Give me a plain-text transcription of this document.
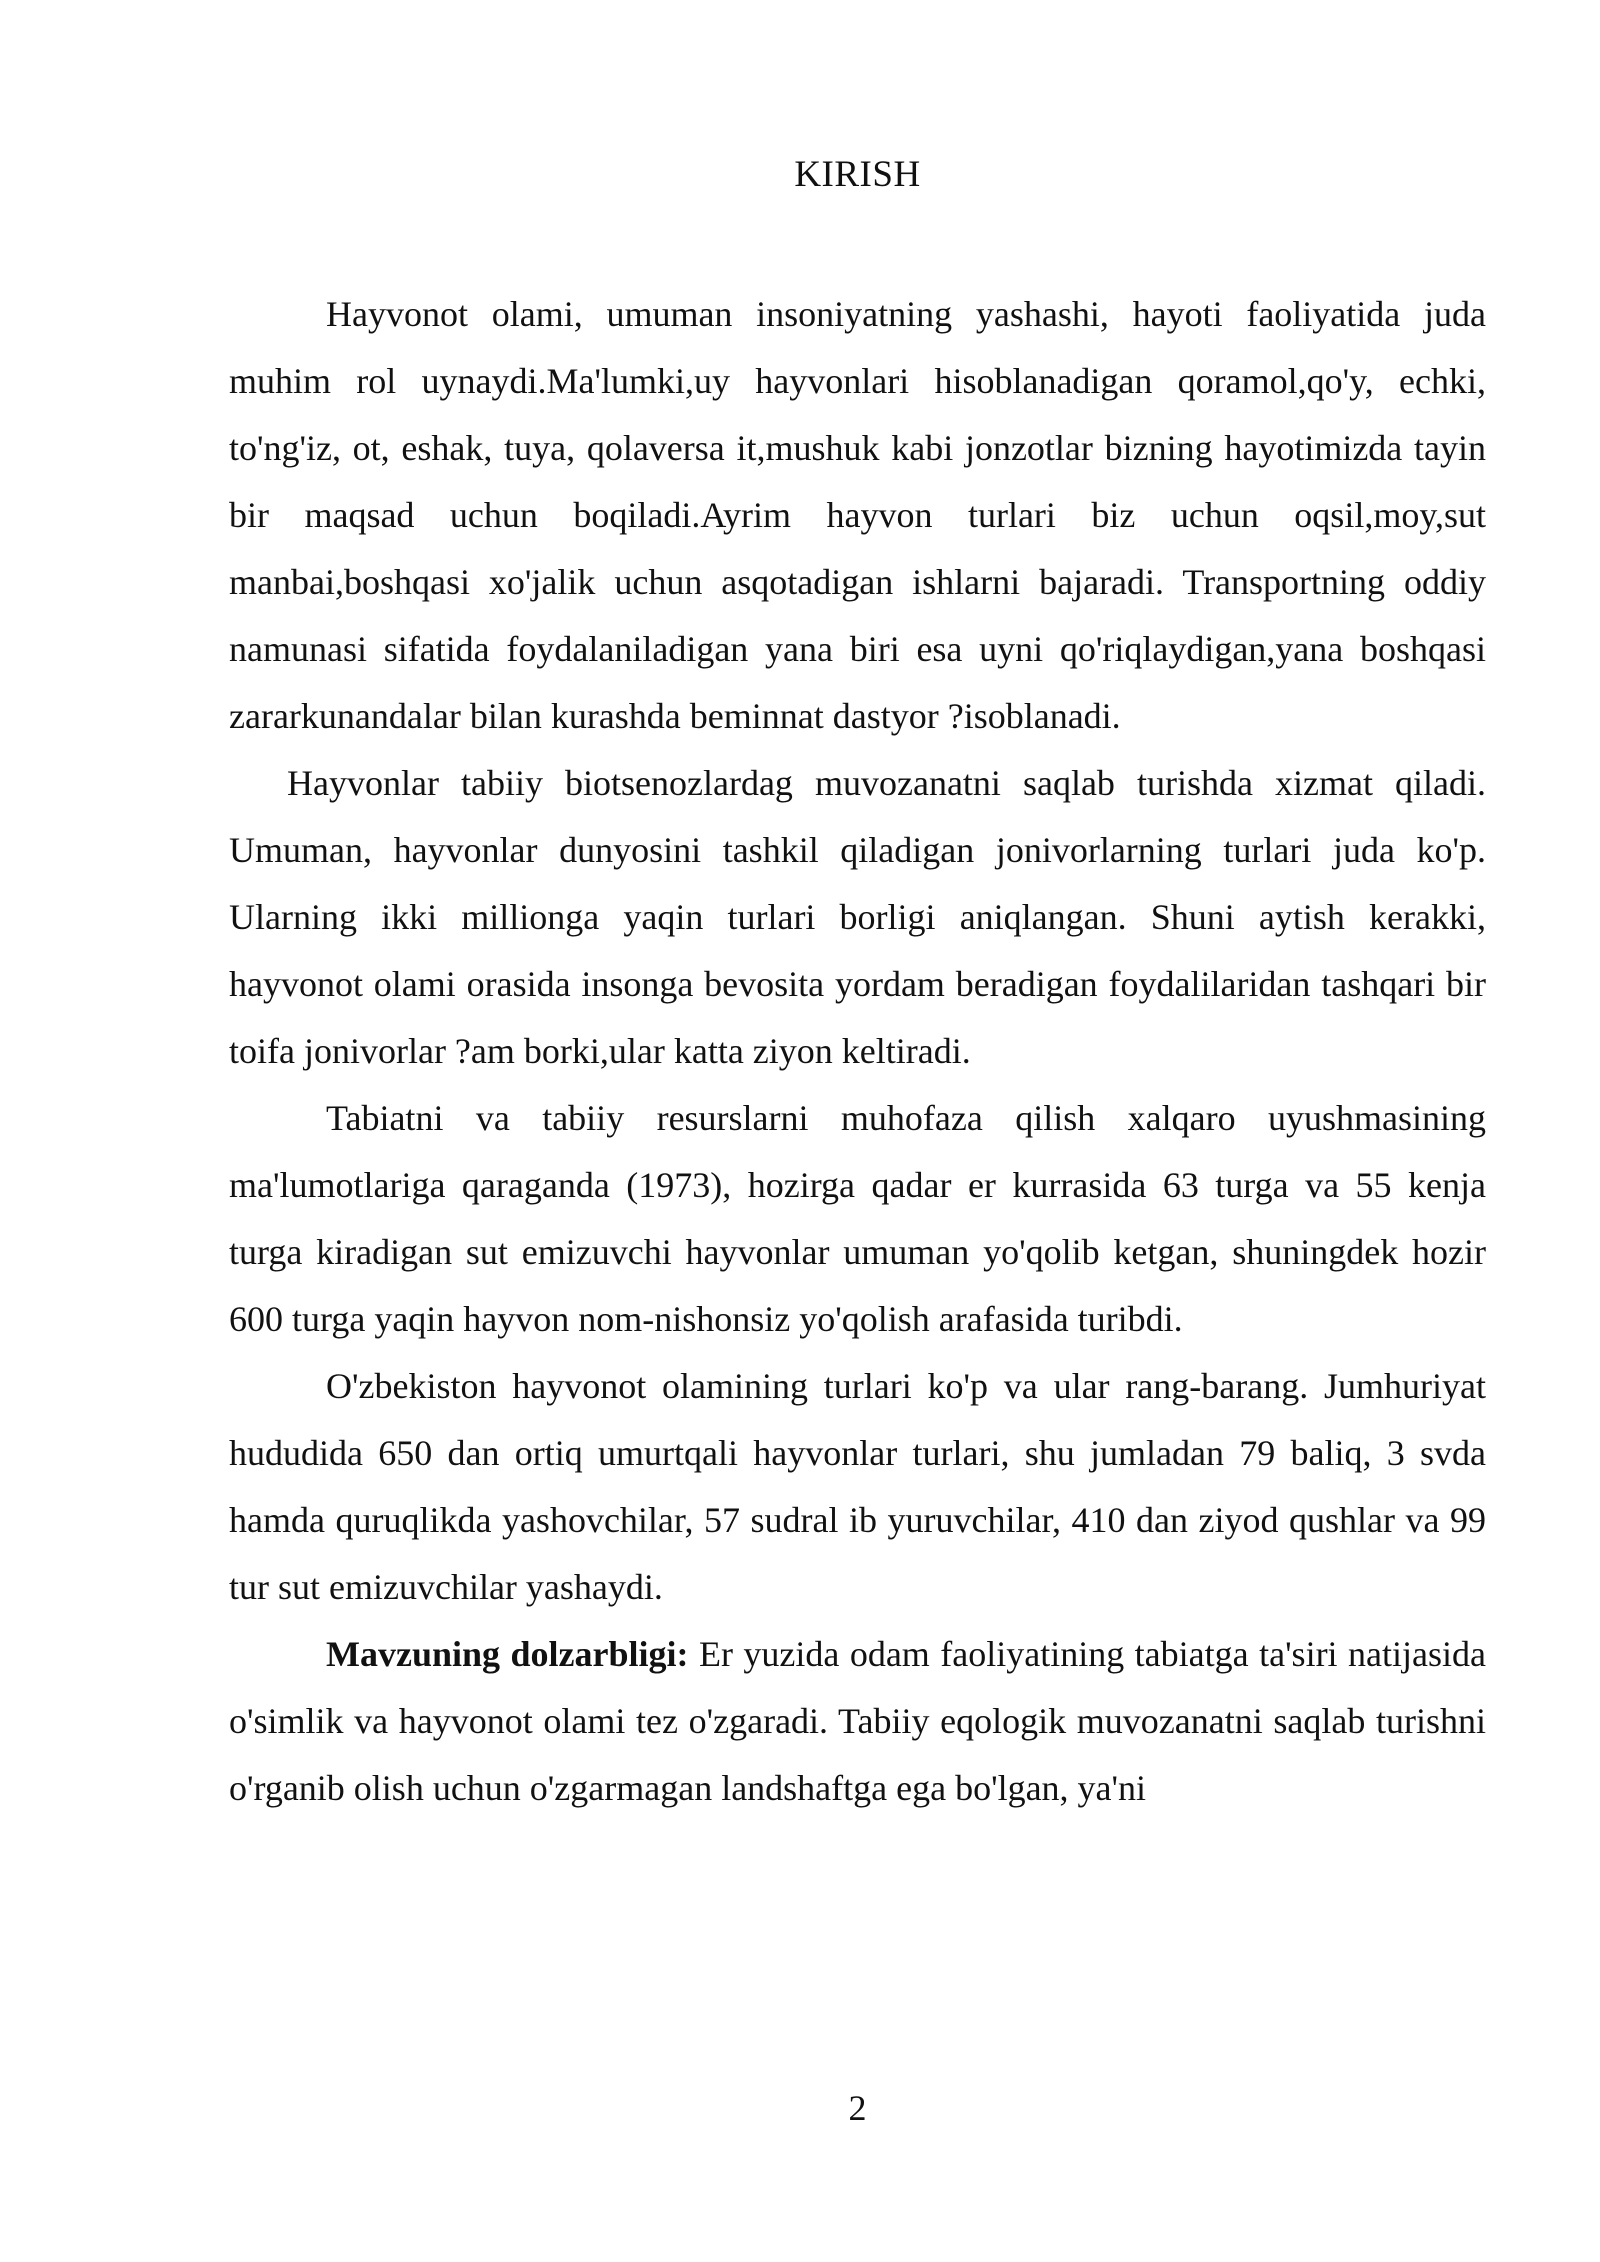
KIRISH

Hayvonot olami, umuman insoniyatning yashashi, hayoti faoliyatida juda muhim rol uynaydi.Ma'lumki,uy hayvonlari hisoblanadigan qoramol,qo'y, echki, to'ng'iz, ot, eshak, tuya, qolaversa it,mushuk kabi jonzotlar bizning hayotimizda tayin bir maqsad uchun boqiladi.Ayrim hayvon turlari biz uchun oqsil,moy,sut manbai,boshqasi xo'jalik uchun asqotadigan ishlarni bajaradi. Transportning oddiy namunasi sifatida foydalaniladigan yana biri esa uyni qo'riqlaydigan,yana boshqasi zararkunandalar bilan kurashda beminnat dastyor ?isoblanadi.

Hayvonlar tabiiy biotsenozlardag muvozanatni saqlab turishda xizmat qiladi. Umuman, hayvonlar dunyosini tashkil qiladigan jonivorlarning turlari juda ko'p. Ularning ikki millionga yaqin turlari borligi aniqlangan. Shuni aytish kerakki, hayvonot olami orasida insonga bevosita yordam beradigan foydalilaridan tashqari bir toifa jonivorlar ?am borki,ular katta ziyon keltiradi.

Tabiatni va tabiiy resurslarni muhofaza qilish xalqaro uyushmasining ma'lumotlariga qaraganda (1973), hozirga qadar er kurrasida 63 turga va 55 kenja turga kiradigan sut emizuvchi hayvonlar umuman yo'qolib ketgan, shuningdek hozir 600 turga yaqin hayvon nom-nishonsiz yo'qolish arafasida turibdi.

O'zbekiston hayvonot olamining turlari ko'p va ular rang-barang. Jumhuriyat hududida 650 dan ortiq umurtqali hayvonlar turlari, shu jumladan 79 baliq, 3 svda hamda quruqlikda yashovchilar, 57 sudral ib yuruvchilar, 410 dan ziyod qushlar va 99 tur sut emizuvchilar yashaydi.

Mavzuning dolzarbligi: Er yuzida odam faoliyatining tabiatga ta'siri natijasida o'simlik va hayvonot olami tez o'zgaradi. Tabiiy eqologik muvozanatni saqlab turishni o'rganib olish uchun o'zgarmagan landshaftga ega bo'lgan, ya'ni

2
